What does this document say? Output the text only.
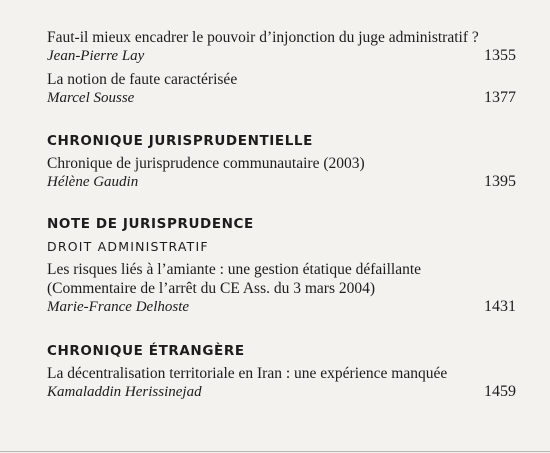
Faut-il mieux encadrer le pouvoir d’injonction du juge administratif ?
Jean-Pierre Lay	1355
La notion de faute caractérisée
Marcel Sousse	1377
CHRONIQUE JURISPRUDENTIELLE
Chronique de jurisprudence communautaire (2003)
Hélène Gaudin	1395
NOTE DE JURISPRUDENCE
DROIT ADMINISTRATIF
Les risques liés à l’amiante : une gestion étatique défaillante
(Commentaire de l’arrêt du CE Ass. du 3 mars 2004)
Marie-France Delhoste	1431
CHRONIQUE ÉTRANGÈRE
La décentralisation territoriale en Iran : une expérience manquée
Kamaladdin Herissinejad	1459
